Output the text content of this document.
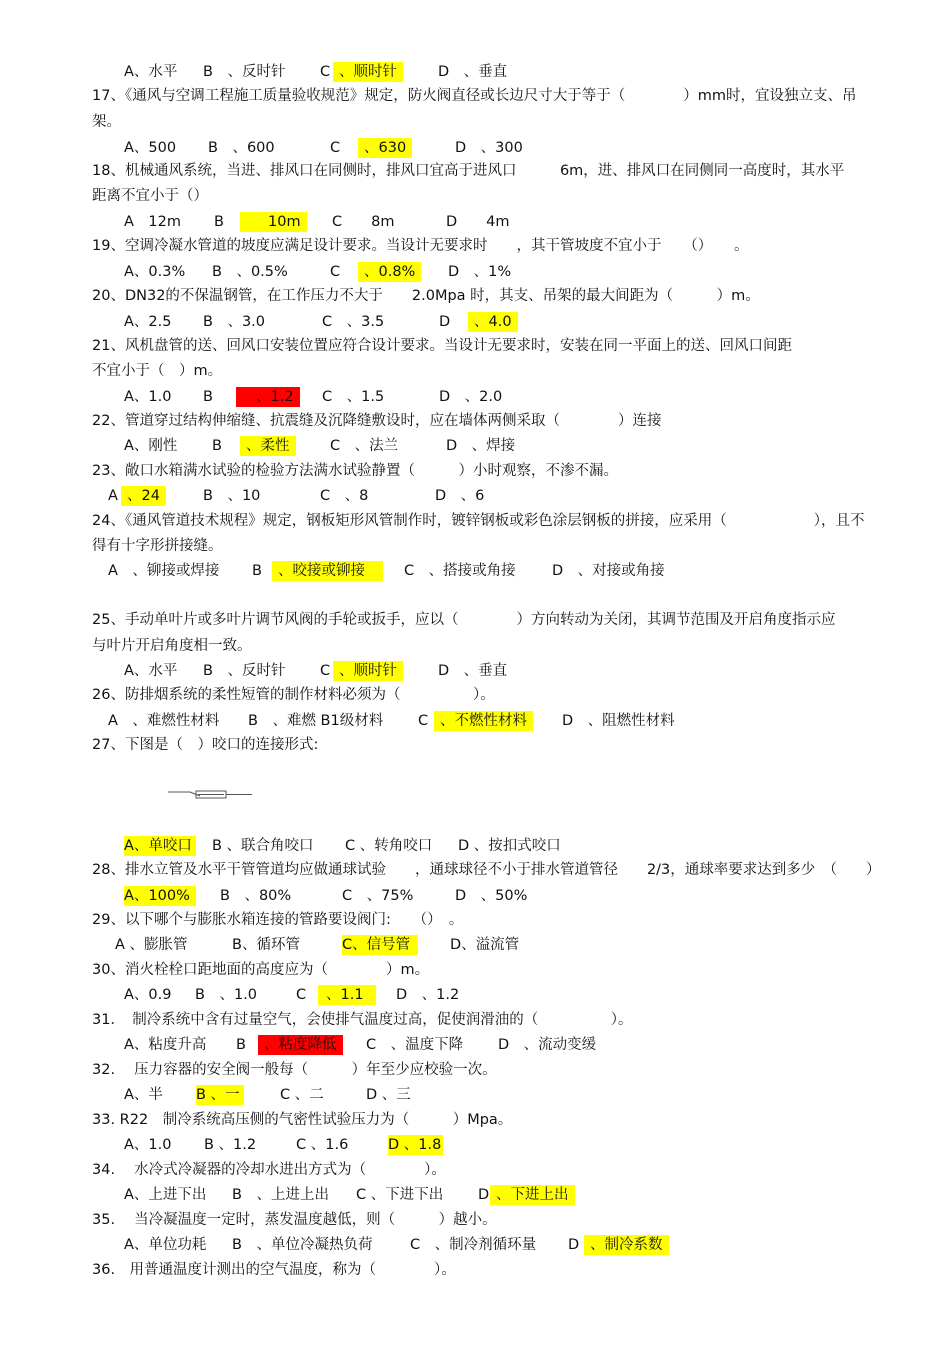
A、水平 B　、反时针 C 、顺时针	D　、垂直
17、《通风与空调工程施工质量验收规范》规定，防火阀直径或长边尺寸大于等于（　　　　）mm时，宜设独立支、吊
架。
A、500 B　、600	C	、630	D　、300
18、机械通风系统，当进、排风口在同侧时，排风口宜高于进风口　　　6m，进、排风口在同侧同一高度时，其水平
距离不宜小于（）
A　12m B	10m	C　　8m	D　　4m
19、空调冷凝水管道的坡度应满足设计要求。当设计无要求时　　，其干管坡度不宜小于　　（）　　。
A、0.3% B　、0.5%	C	、0.8%	D　、1%
20、DN32的不保温钢管，在工作压力不大于　　2.0Mpa 时，其支、吊架的最大间距为（　　　）m。
A、2.5 B　、3.0	C　、3.5	D	、4.0
21、风机盘管的送、回风口安装位置应符合设计要求。当设计无要求时，安装在同一平面上的送、回风口间距
不宜小于（　）m。
A、1.0 B	、1.2	C　、1.5	D　、2.0
22、管道穿过结构伸缩缝、抗震缝及沉降缝敷设时，应在墙体两侧采取（　　　　）连接
A、刚性 B	、柔性	C　、法兰	D　、焊接
23、敞口水箱满水试验的检验方法满水试验静置（　　　）小时观察，不渗不漏。
A 、24	B　、10	C　、8	D　、6
24、《通风管道技术规程》规定，钢板矩形风管制作时，镀锌钢板或彩色涂层钢板的拼接，应采用（　　　　　　），且不
得有十字形拼接缝。
A　、铆接或焊接 B	、咬接或铆接	C　、搭接或角接	D　、对接或角接
25、手动单叶片或多叶片调节风阀的手轮或扳手，应以（　　　　）方向转动为关闭，其调节范围及开启角度指示应
与叶片开启角度相一致。
A、水平 B　、反时针 C 、顺时针	D　、垂直
26、防排烟系统的柔性短管的制作材料必须为（　　　　　）。
A　、难燃性材料 B　、难燃 B1级材料 C 、不燃性材料	D　、阻燃性材料
27、下图是（　）咬口的连接形式:
A、单咬口 B 、联合角咬口 C 、转角咬口 D 、按扣式咬口
28、排水立管及水平干管管道均应做通球试验　　，通球球径不小于排水管道管径　　2/3，通球率要求达到多少　（　　）
A、100%	B　、80%	C　、75%	D　、50%
29、以下哪个与膨胀水箱连接的管路要设阀门:　　（）　。
A 、膨胀管	B、循环管	C、信号管	D、溢流管
30、消火栓栓口距地面的高度应为（　　　　）m。
A、0.9 B　、1.0	C	、1.1	D　、1.2
31．　制冷系统中含有过量空气，会使排气温度过高，促使润滑油的（　　　　　）。
A、粘度升高 B	、粘度降低	C　、温度下降 D　、流动变缓
32.　 压力容器的安全阀一般每（　　　）年至少应校验一次。
A、半 B 、一	C 、二	D 、三
33. R22　制冷系统高压侧的气密性试验压力为（　　　）Mpa。
A、1.0 B 、1.2	C 、1.6	D 、1.8
34.　 水冷式冷凝器的冷却水进出方式为（　　　　）。
A、上进下出 B　、上进上出 C 、下进下出 D 、下进上出
35.　 当冷凝温度一定时，蒸发温度越低，则（　　　）越小。
A、单位功耗 B　、单位冷凝热负荷	C　、制冷剂循环量 D 、制冷系数
36.　用普通温度计测出的空气温度，称为（　　　　）。
